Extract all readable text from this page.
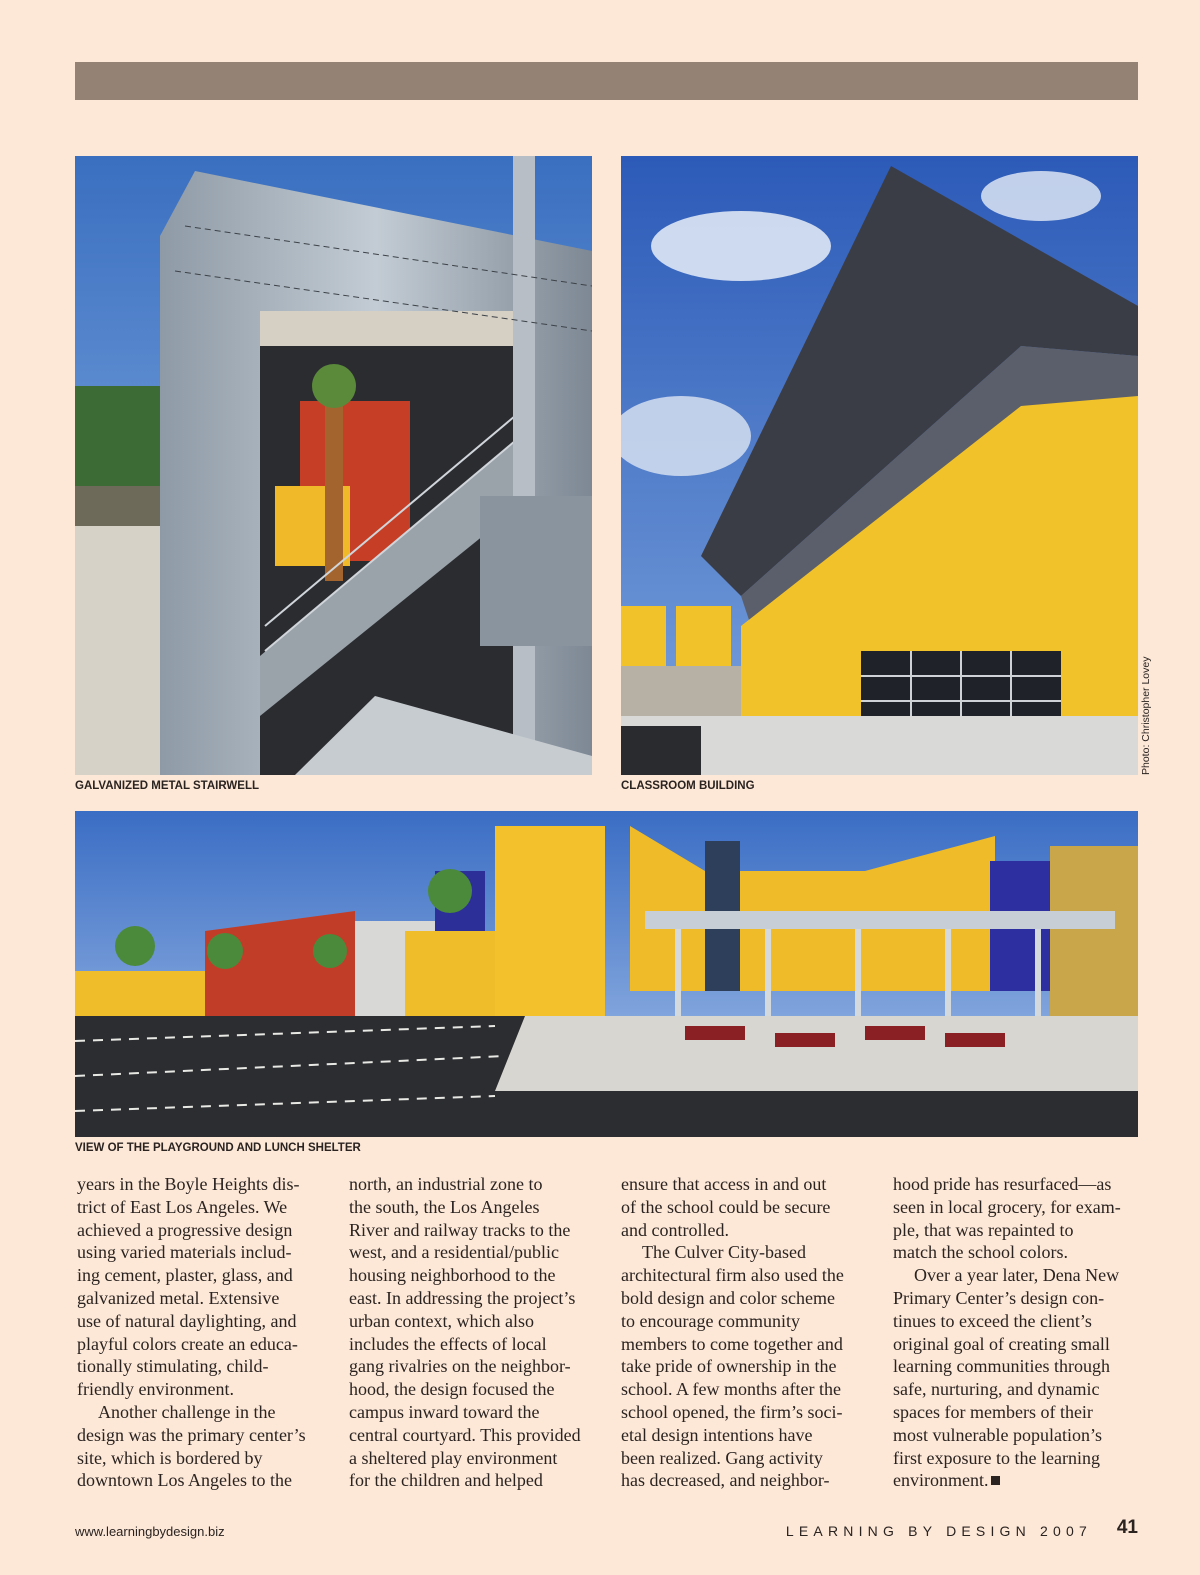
GALVANIZED METAL STAIRWELL	CLASSROOM BUILDING
VIEW OF THE PLAYGROUND AND LUNCH SHELTER
Photo: Christopher Lovey

years in the Boyle Heights dis-
trict of East Los Angeles. We
achieved a progressive design
using varied materials includ-
ing cement, plaster, glass, and
galvanized metal. Extensive
use of natural daylighting, and
playful colors create an educa-
tionally stimulating, child-
friendly environment.

Another challenge in the
design was the primary center’s
site, which is bordered by
downtown Los Angeles to the

north, an industrial zone to
the south, the Los Angeles
River and railway tracks to the
west, and a residential/public
housing neighborhood to the
east. In addressing the project’s
urban context, which also
includes the effects of local
gang rivalries on the neighbor-
hood, the design focused the
campus inward toward the
central courtyard. This provided
a sheltered play environment
for the children and helped

ensure that access in and out
of the school could be secure
and controlled.

The Culver City-based
architectural firm also used the
bold design and color scheme
to encourage community
members to come together and
take pride of ownership in the
school. A few months after the
school opened, the firm’s soci-
etal design intentions have
been realized. Gang activity
has decreased, and neighbor-

hood pride has resurfaced—as
seen in local grocery, for exam-
ple, that was repainted to
match the school colors.

Over a year later, Dena New
Primary Center’s design con-
tinues to exceed the client’s
original goal of creating small
learning communities through
safe, nurturing, and dynamic
spaces for members of their
most vulnerable population’s
first exposure to the learning
environment.

www.learningbydesign.biz	LEARNING BY DESIGN 2007 41
